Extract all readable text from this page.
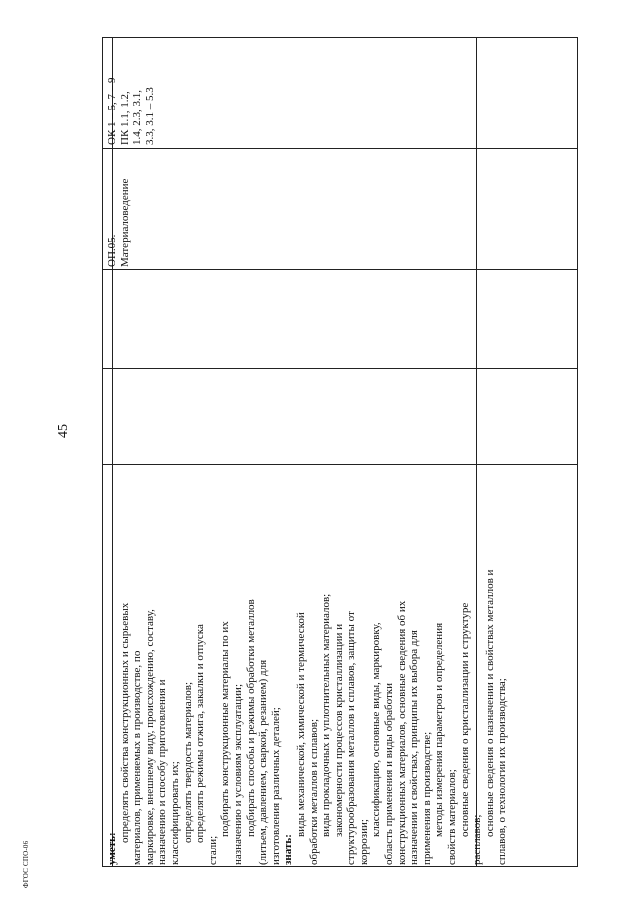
45
ФГОС СПО-06

ОК 1 – 5, 7 – 9 ПК 1.1, 1.2, 1.4, 2.3, 3.1, 3.3, 3.1 – 5.3

ОП.05. Материаловедение

уметь:

определять свойства конструкционных и сырьевых материалов, применяемых в производстве, по маркировке, внешнему виду, происхождению, составу, назначению и способу приготовления и классифицировать их; определять твердость материалов; определять режимы отжига, закалки и отпуска

стали;

подбирать конструкционные материалы по их назначению и условиям эксплуатации; подбирать способы и режимы обработки металлов (литьем, давлением, сваркой, резанием) для изготовления различных деталей; знать:

виды механической, химической и термической обработки металлов и сплавов; виды прокладочных и уплотнительных материалов; закономерности процессов кристаллизации и структурообразования металлов и сплавов, защиты от коррозии;

классификацию, основные виды, маркировку, область применения и виды обработки конструкционных материалов, основные сведения об их назначении и свойствах, принципы их выбора для применения в производстве; методы измерения параметров и определения свойств материалов; основные сведения о кристаллизации и структуре

расплавов;

основные сведения о назначении и свойствах металлов и сплавов, о технологии их производства;
